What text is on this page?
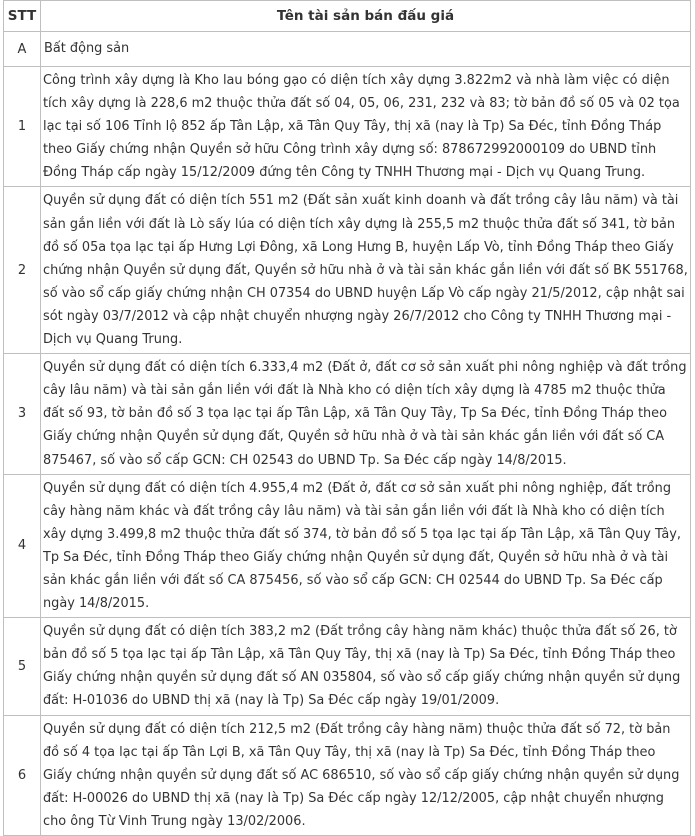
STT	Tên tài sản bán đấu giá
A	Bất động sản
1	Công trình xây dựng là Kho lau bóng gạo có diện tích xây dựng 3.822m2 và nhà làm việc có diện tích xây dựng là 228,6 m2 thuộc thửa đất số 04, 05, 06, 231, 232 và 83; tờ bản đồ số 05 và 02 tọa lạc tại số 106 Tỉnh lộ 852 ấp Tân Lập, xã Tân Quy Tây, thị xã (nay là Tp) Sa Đéc, tỉnh Đồng Tháp theo Giấy chứng nhận Quyền sở hữu Công trình xây dựng số: 878672992000109 do UBND tỉnh Đồng Tháp cấp ngày 15/12/2009 đứng tên Công ty TNHH Thương mại - Dịch vụ Quang Trung.
2	Quyền sử dụng đất có diện tích 551 m2 (Đất sản xuất kinh doanh và đất trồng cây lâu năm) và tài sản gắn liền với đất là Lò sấy lúa có diện tích xây dựng là 255,5 m2 thuộc thửa đất số 341, tờ bản đồ số 05a tọa lạc tại ấp Hưng Lợi Đông, xã Long Hưng B, huyện Lấp Vò, tỉnh Đồng Tháp theo Giấy chứng nhận Quyền sử dụng đất, Quyền sở hữu nhà ở và tài sản khác gắn liền với đất số BK 551768, số vào sổ cấp giấy chứng nhận CH 07354 do UBND huyện Lấp Vò cấp ngày 21/5/2012, cập nhật sai sót ngày 03/7/2012 và cập nhật chuyển nhượng ngày 26/7/2012 cho Công ty TNHH Thương mại - Dịch vụ Quang Trung.
3	Quyền sử dụng đất có diện tích 6.333,4 m2 (Đất ở, đất cơ sở sản xuất phi nông nghiệp và đất trồng cây lâu năm) và tài sản gắn liền với đất là Nhà kho có diện tích xây dựng là 4785 m2 thuộc thửa đất số 93, tờ bản đồ số 3 tọa lạc tại ấp Tân Lập, xã Tân Quy Tây, Tp Sa Đéc, tỉnh Đồng Tháp theo Giấy chứng nhận Quyền sử dụng đất, Quyền sở hữu nhà ở và tài sản khác gắn liền với đất số CA 875467, số vào sổ cấp GCN: CH 02543 do UBND Tp. Sa Đéc cấp ngày 14/8/2015.
4	Quyền sử dụng đất có diện tích 4.955,4 m2 (Đất ở, đất cơ sở sản xuất phi nông nghiệp, đất trồng cây hàng năm khác và đất trồng cây lâu năm) và tài sản gắn liền với đất là Nhà kho có diện tích xây dựng 3.499,8 m2 thuộc thửa đất số 374, tờ bản đồ số 5 tọa lạc tại ấp Tân Lập, xã Tân Quy Tây, Tp Sa Đéc, tỉnh Đồng Tháp theo Giấy chứng nhận Quyền sử dụng đất, Quyền sở hữu nhà ở và tài sản khác gắn liền với đất số CA 875456, số vào sổ cấp GCN: CH 02544 do UBND Tp. Sa Đéc cấp ngày 14/8/2015.
5	Quyền sử dụng đất có diện tích 383,2 m2 (Đất trồng cây hàng năm khác) thuộc thửa đất số 26, tờ bản đồ số 5 tọa lạc tại ấp Tân Lập, xã Tân Quy Tây, thị xã (nay là Tp) Sa Đéc, tỉnh Đồng Tháp theo Giấy chứng nhận quyền sử dụng đất số AN 035804, số vào sổ cấp giấy chứng nhận quyền sử dụng đất: H-01036 do UBND thị xã (nay là Tp) Sa Đéc cấp ngày 19/01/2009.
6	Quyền sử dụng đất có diện tích 212,5 m2 (Đất trồng cây hàng năm) thuộc thửa đất số 72, tờ bản đồ số 4 tọa lạc tại ấp Tân Lợi B, xã Tân Quy Tây, thị xã (nay là Tp) Sa Đéc, tỉnh Đồng Tháp theo Giấy chứng nhận quyền sử dụng đất số AC 686510, số vào sổ cấp giấy chứng nhận quyền sử dụng đất: H-00026 do UBND thị xã (nay là Tp) Sa Đéc cấp ngày 12/12/2005, cập nhật chuyển nhượng cho ông Từ Vinh Trung ngày 13/02/2006.
